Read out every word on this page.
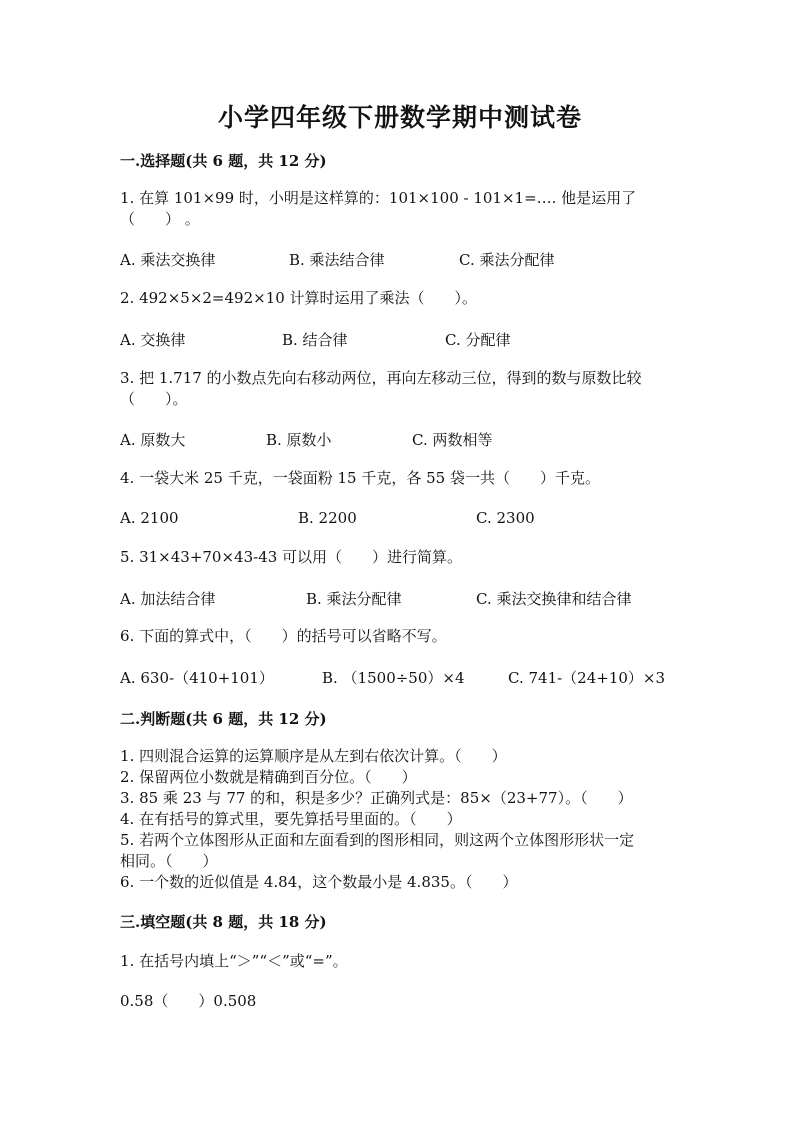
小学四年级下册数学期中测试卷
一.选择题(共 6 题，共 12 分)
1. 在算 101×99 时，小明是这样算的：101×100 - 101×1=…. 他是运用了
（　　） 。
A. 乘法交换律	B. 乘法结合律	C. 乘法分配律
2. 492×5×2=492×10 计算时运用了乘法（　　）。
A. 交换律	B. 结合律	C. 分配律
3. 把 1.717 的小数点先向右移动两位，再向左移动三位，得到的数与原数比较
（　　）。
A. 原数大	B. 原数小	C. 两数相等
4. 一袋大米 25 千克，一袋面粉 15 千克，各 55 袋一共（　　）千克。
A. 2100	B. 2200	C. 2300
5. 31×43+70×43-43 可以用（　　）进行简算。
A. 加法结合律	B. 乘法分配律	C. 乘法交换律和结合律
6. 下面的算式中，（　　）的括号可以省略不写。
A. 630-（410+101）	B. （1500÷50）×4	C. 741-（24+10）×3
二.判断题(共 6 题，共 12 分)
1. 四则混合运算的运算顺序是从左到右依次计算。（　　）
2. 保留两位小数就是精确到百分位。（　　）
3. 85 乘 23 与 77 的和，积是多少？正确列式是：85×（23+77）。（　　）
4. 在有括号的算式里，要先算括号里面的。（　　）
5. 若两个立体图形从正面和左面看到的图形相同，则这两个立体图形形状一定
相同。（　　）
6. 一个数的近似值是 4.84，这个数最小是 4.835。（　　）
三.填空题(共 8 题，共 18 分)
1. 在括号内填上“＞”“＜”或“=”。
0.58（　　）0.508
